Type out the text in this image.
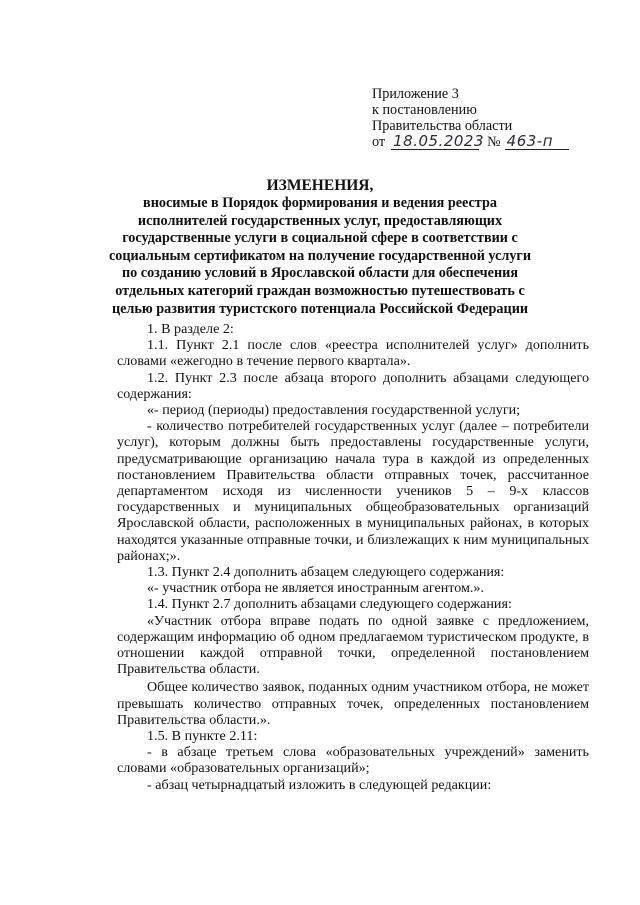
Приложение 3
к постановлению
Правительства области
от 18.05.2023 № 463-п
ИЗМЕНЕНИЯ,
вносимые в Порядок формирования и ведения реестра исполнителей государственных услуг, предоставляющих государственные услуги в социальной сфере в соответствии с социальным сертификатом на получение государственной услуги по созданию условий в Ярославской области для обеспечения отдельных категорий граждан возможностью путешествовать с целью развития туристского потенциала Российской Федерации

1. В разделе 2:

1.1. Пункт 2.1 после слов «реестра исполнителей услуг» дополнить словами «ежегодно в течение первого квартала».

1.2. Пункт 2.3 после абзаца второго дополнить абзацами следующего содержания:

«- период (периоды) предоставления государственной услуги;

- количество потребителей государственных услуг (далее – потребители услуг), которым должны быть предоставлены государственные услуги, предусматривающие организацию начала тура в каждой из определенных постановлением Правительства области отправных точек, рассчитанное департаментом исходя из численности учеников 5 – 9-х классов государственных и муниципальных общеобразовательных организаций Ярославской области, расположенных в муниципальных районах, в которых находятся указанные отправные точки, и близлежащих к ним муниципальных районах;».

1.3. Пункт 2.4 дополнить абзацем следующего содержания:

«- участник отбора не является иностранным агентом.».

1.4. Пункт 2.7 дополнить абзацами следующего содержания:

«Участник отбора вправе подать по одной заявке с предложением, содержащим информацию об одном предлагаемом туристическом продукте, в отношении каждой отправной точки, определенной постановлением Правительства области.

Общее количество заявок, поданных одним участником отбора, не может превышать количество отправных точек, определенных постановлением Правительства области.».

1.5. В пункте 2.11:

- в абзаце третьем слова «образовательных учреждений» заменить словами «образовательных организаций»;

- абзац четырнадцатый изложить в следующей редакции:
